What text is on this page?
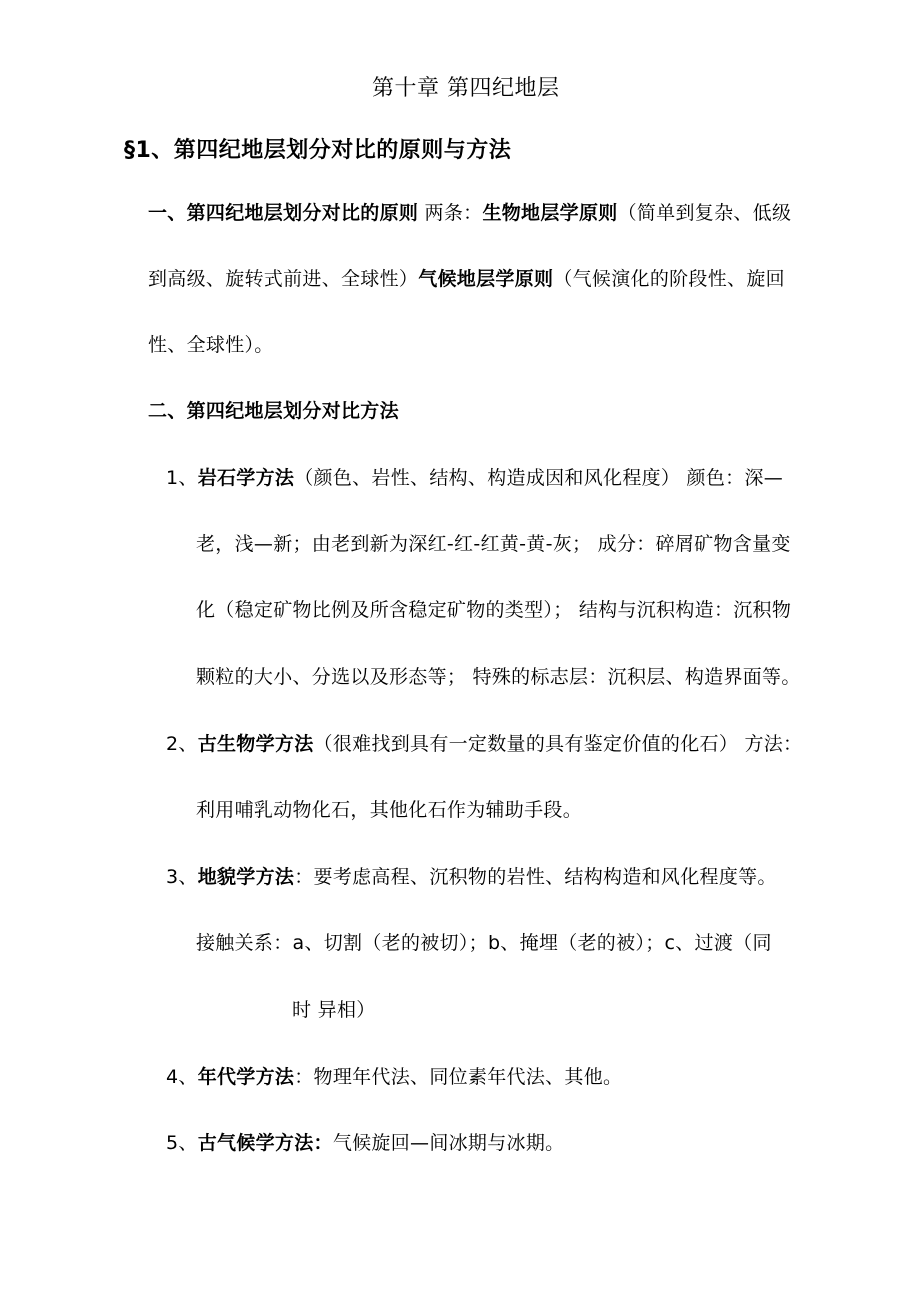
第十章 第四纪地层
§1、第四纪地层划分对比的原则与方法
一、第四纪地层划分对比的原则 两条：生物地层学原则（简单到复杂、低级
到高级、旋转式前进、全球性）气候地层学原则（气候演化的阶段性、旋回
性、全球性）。
二、第四纪地层划分对比方法
1、岩石学方法（颜色、岩性、结构、构造成因和风化程度） 颜色：深—
老，浅—新；由老到新为深红-红-红黄-黄-灰； 成分：碎屑矿物含量变
化（稳定矿物比例及所含稳定矿物的类型）； 结构与沉积构造：沉积物
颗粒的大小、分选以及形态等； 特殊的标志层：沉积层、构造界面等。
2、古生物学方法（很难找到具有一定数量的具有鉴定价值的化石） 方法：
利用哺乳动物化石，其他化石作为辅助手段。
3、地貌学方法：要考虑高程、沉积物的岩性、结构构造和风化程度等。
接触关系：a、切割（老的被切）；b、掩埋（老的被）；c、过渡（同
时 异相）
4、年代学方法：物理年代法、同位素年代法、其他。
5、古气候学方法：气候旋回—间冰期与冰期。
